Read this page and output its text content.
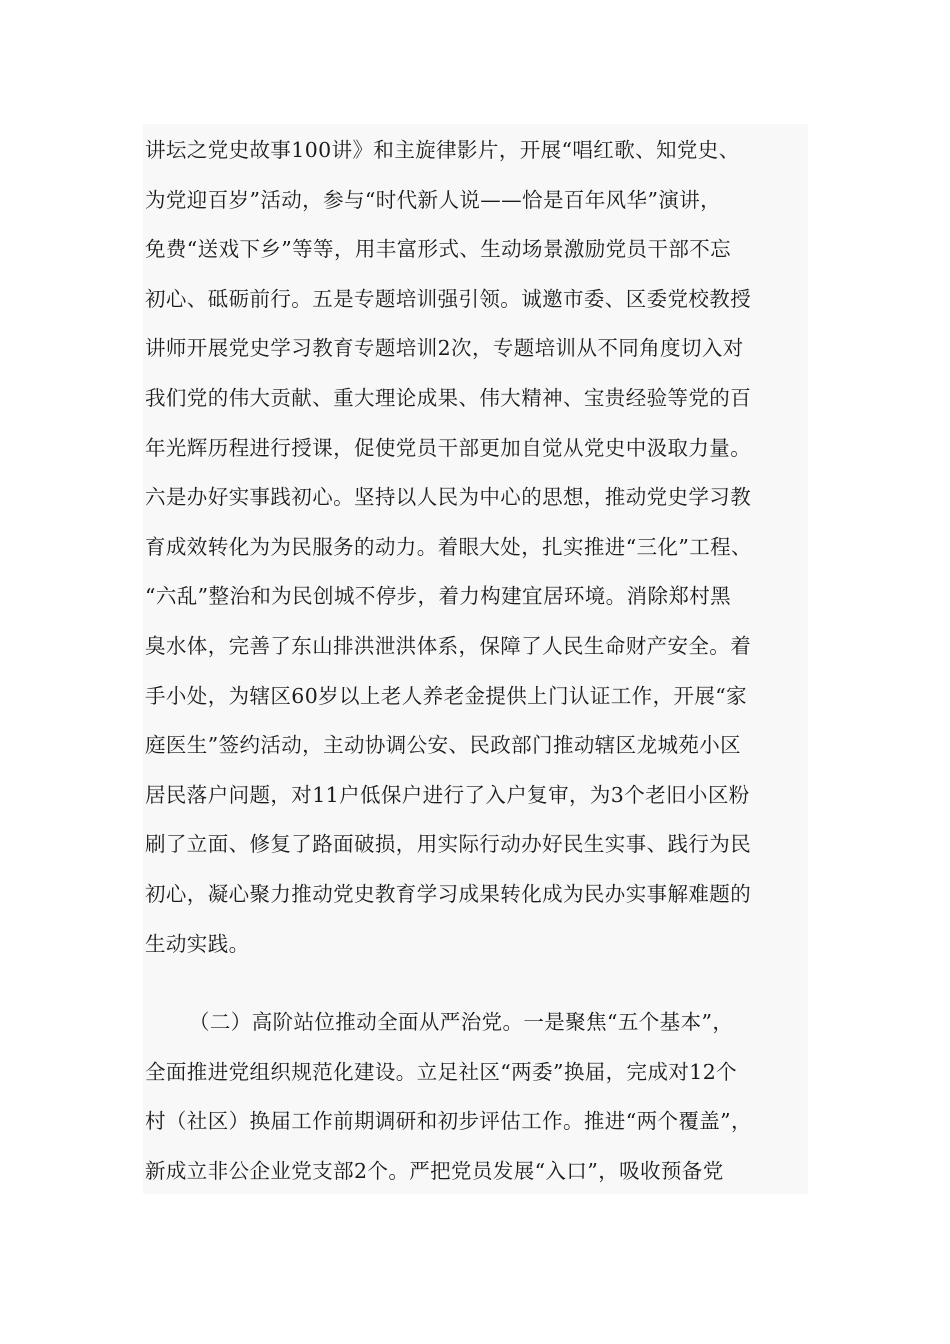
讲坛之党史故事100讲》和主旋律影片，开展“唱红歌、知党史、
为党迎百岁”活动，参与“时代新人说——恰是百年风华”演讲，
免费“送戏下乡”等等，用丰富形式、生动场景激励党员干部不忘
初心、砥砺前行。五是专题培训强引领。诚邀市委、区委党校教授
讲师开展党史学习教育专题培训2次，专题培训从不同角度切入对
我们党的伟大贡献、重大理论成果、伟大精神、宝贵经验等党的百
年光辉历程进行授课，促使党员干部更加自觉从党史中汲取力量。
六是办好实事践初心。坚持以人民为中心的思想，推动党史学习教
育成效转化为为民服务的动力。着眼大处，扎实推进“三化”工程、
“六乱”整治和为民创城不停步，着力构建宜居环境。消除郑村黑
臭水体，完善了东山排洪泄洪体系，保障了人民生命财产安全。着
手小处，为辖区60岁以上老人养老金提供上门认证工作，开展“家
庭医生”签约活动，主动协调公安、民政部门推动辖区龙城苑小区
居民落户问题，对11户低保户进行了入户复审，为3个老旧小区粉
刷了立面、修复了路面破损，用实际行动办好民生实事、践行为民
初心，凝心聚力推动党史教育学习成果转化成为民办实事解难题的
生动实践。
（二）高阶站位推动全面从严治党。一是聚焦“五个基本”，
全面推进党组织规范化建设。立足社区“两委”换届，完成对12个
村（社区）换届工作前期调研和初步评估工作。推进“两个覆盖”，
新成立非公企业党支部2个。严把党员发展“入口”，吸收预备党
